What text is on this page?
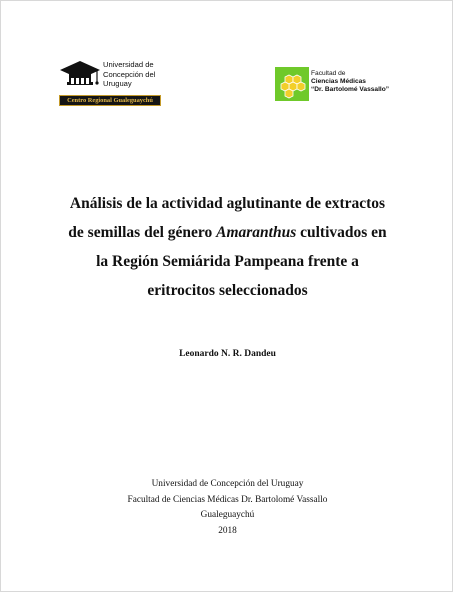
Universidad de
Concepción del
Uruguay
Centro Regional Gualeguaychú
Facultad de
Ciencias Médicas
“Dr. Bartolomé Vassallo”
Análisis de la actividad aglutinante de extractos
de semillas del género Amaranthus cultivados en
la Región Semiárida Pampeana frente a
eritrocitos seleccionados
Leonardo N. R. Dandeu
Universidad de Concepción del Uruguay
Facultad de Ciencias Médicas Dr. Bartolomé Vassallo
Gualeguaychú
2018
